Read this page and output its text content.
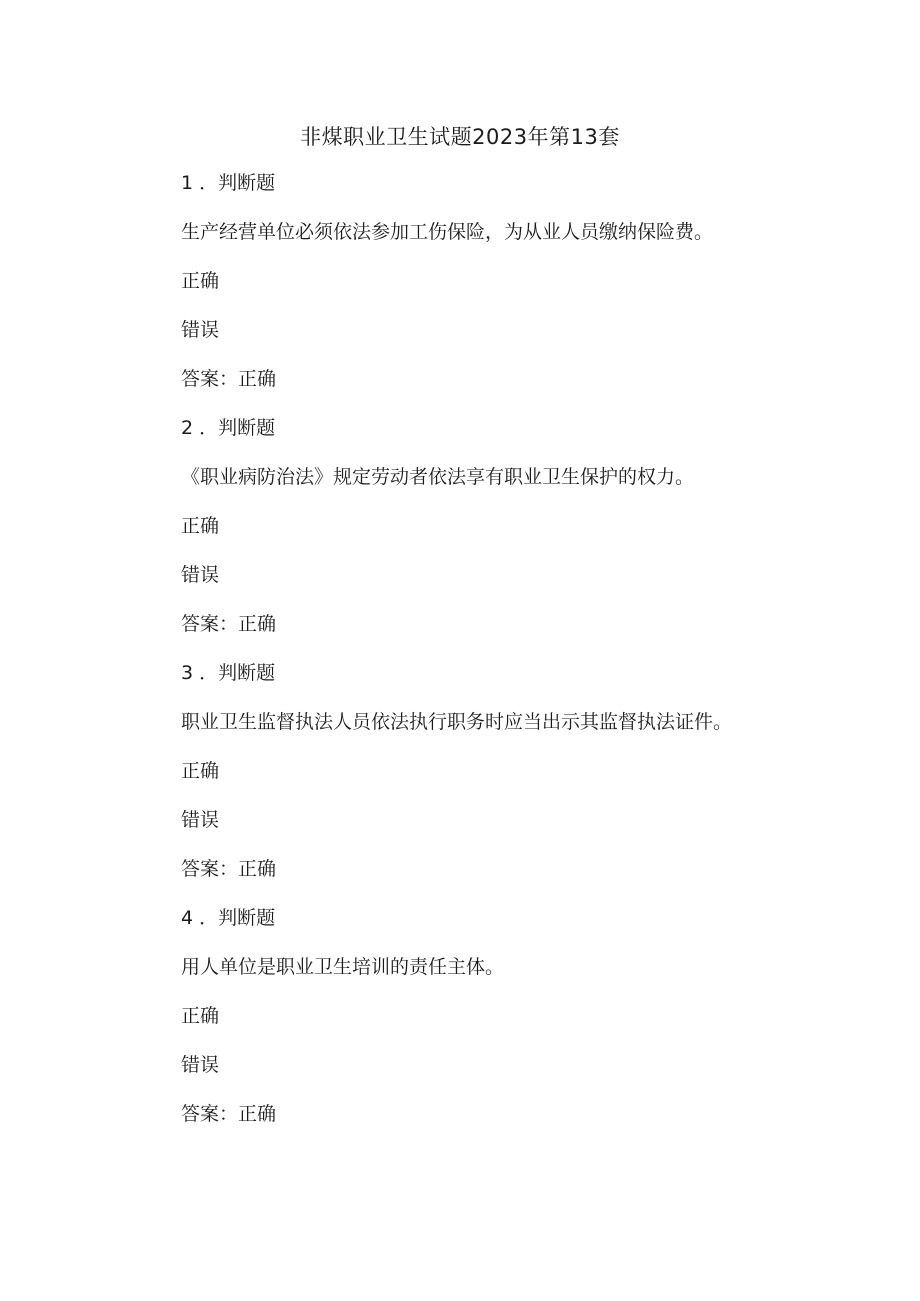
非煤职业卫生试题2023年第13套
1 ．判断题
生产经营单位必须依法参加工伤保险，为从业人员缴纳保险费。
正确
错误
答案：正确
2 ．判断题
《职业病防治法》规定劳动者依法享有职业卫生保护的权力。
正确
错误
答案：正确
3 ．判断题
职业卫生监督执法人员依法执行职务时应当出示其监督执法证件。
正确
错误
答案：正确
4 ．判断题
用人单位是职业卫生培训的责任主体。
正确
错误
答案：正确
